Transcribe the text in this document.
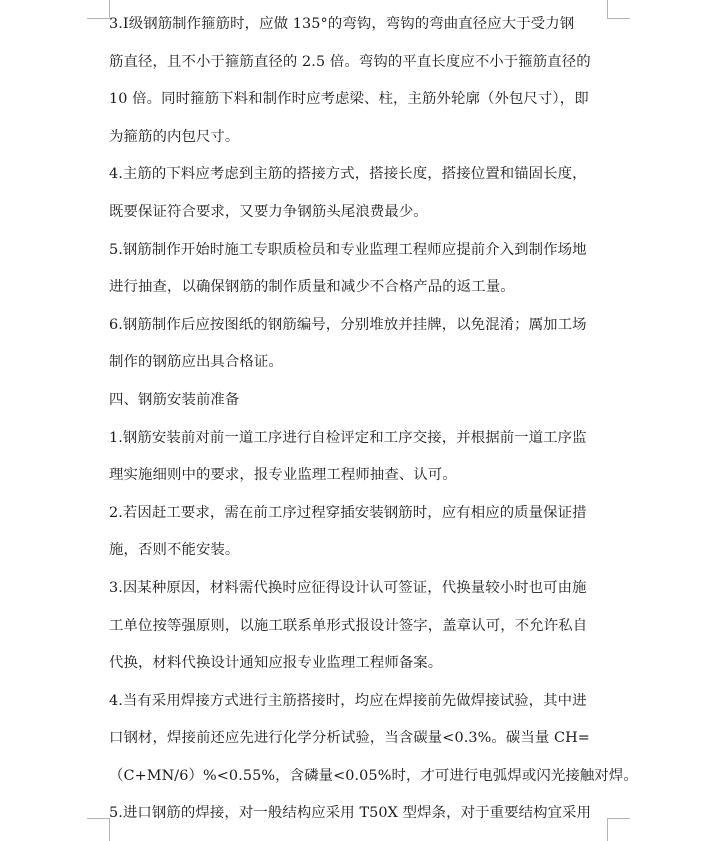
3.Ⅰ级钢筋制作箍筋时，应做 135°的弯钩，弯钩的弯曲直径应大于受力钢
筋直径，且不小于箍筋直径的 2.5 倍。弯钩的平直长度应不小于箍筋直径的
10 倍。同时箍筋下料和制作时应考虑梁、柱，主筋外轮廓（外包尺寸），即
为箍筋的内包尺寸。
4.主筋的下料应考虑到主筋的搭接方式，搭接长度，搭接位置和锚固长度，
既要保证符合要求，又要力争钢筋头尾浪费最少。
5.钢筋制作开始时施工专职质检员和专业监理工程师应提前介入到制作场地
进行抽查，以确保钢筋的制作质量和减少不合格产品的返工量。
6.钢筋制作后应按图纸的钢筋编号，分别堆放并挂牌，以免混淆；厲加工场
制作的钢筋应出具合格证。
四、钢筋安装前准备
1.钢筋安装前对前一道工序进行自检评定和工序交接，并根据前一道工序监
理实施细则中的要求，报专业监理工程师抽查、认可。
2.若因赶工要求，需在前工序过程穿插安装钢筋时，应有相应的质量保证措
施，否则不能安装。
3.因某种原因，材料需代换时应征得设计认可签证，代换量较小时也可由施
工单位按等强原则，以施工联系单形式报设计签字，盖章认可，不允许私自
代换，材料代换设计通知应报专业监理工程师备案。
4.当有采用焊接方式进行主筋搭接时，均应在焊接前先做焊接试验，其中进
口钢材，焊接前还应先进行化学分析试验，当含碳量<0.3%。碳当量 CH=
（C+MN/6）%<0.55%，含磷量<0.05%时，才可进行电弧焊或闪光接触对焊。
5.进口钢筋的焊接，对一般结构应采用 T50X 型焊条，对于重要结构宜采用
